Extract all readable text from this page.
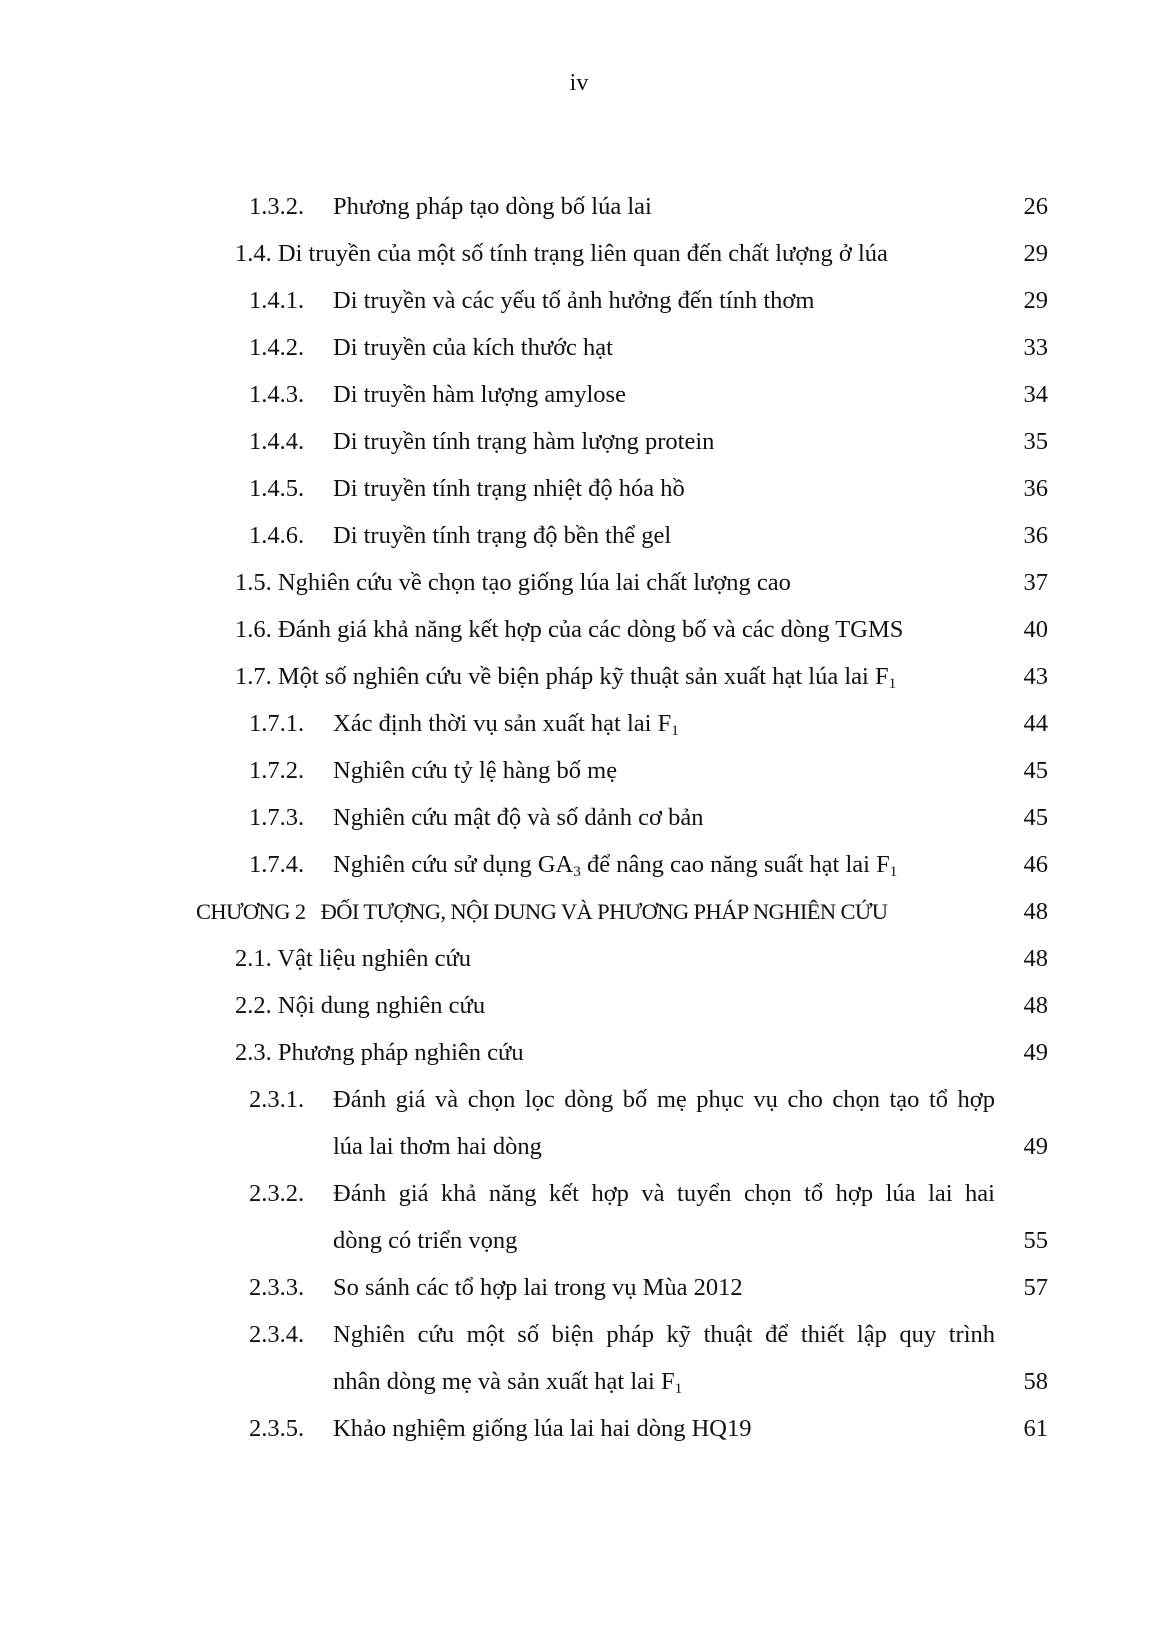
iv
1.3.2. Phương pháp tạo dòng bố lúa lai	26
1.4. Di truyền của một số tính trạng liên quan đến chất lượng ở lúa	29
1.4.1. Di truyền và các yếu tố ảnh hưởng đến tính thơm	29
1.4.2. Di truyền của kích thước hạt	33
1.4.3. Di truyền hàm lượng amylose	34
1.4.4. Di truyền tính trạng hàm lượng protein	35
1.4.5. Di truyền tính trạng nhiệt độ hóa hồ	36
1.4.6. Di truyền tính trạng độ bền thể gel	36
1.5. Nghiên cứu về chọn tạo giống lúa lai chất lượng cao	37
1.6. Đánh giá khả năng kết hợp của các dòng bố và các dòng TGMS	40
1.7. Một số nghiên cứu về biện pháp kỹ thuật sản xuất hạt lúa lai $F_1$	43
1.7.1. Xác định thời vụ sản xuất hạt lai $F_1$	44
1.7.2. Nghiên cứu tỷ lệ hàng bố mẹ	45
1.7.3. Nghiên cứu mật độ và số dảnh cơ bản	45
1.7.4. Nghiên cứu sử dụng $GA_3$ để nâng cao năng suất hạt lai $F_1$	46
CHƯƠNG 2   ĐỐI TƯỢNG, NỘI DUNG VÀ PHƯƠNG PHÁP NGHIÊN CỨU	48
2.1. Vật liệu nghiên cứu	48
2.2. Nội dung nghiên cứu	48
2.3. Phương pháp nghiên cứu	49
2.3.1. Đánh giá và chọn lọc dòng bố mẹ phục vụ cho chọn tạo tổ hợp
lúa lai thơm hai dòng	49
2.3.2. Đánh giá khả năng kết hợp và tuyển chọn tổ hợp lúa lai hai
dòng có triển vọng	55
2.3.3. So sánh các tổ hợp lai trong vụ Mùa 2012	57
2.3.4. Nghiên cứu một số biện pháp kỹ thuật để thiết lập quy trình
nhân dòng mẹ và sản xuất hạt lai $F_1$	58
2.3.5. Khảo nghiệm giống lúa lai hai dòng HQ19	61
